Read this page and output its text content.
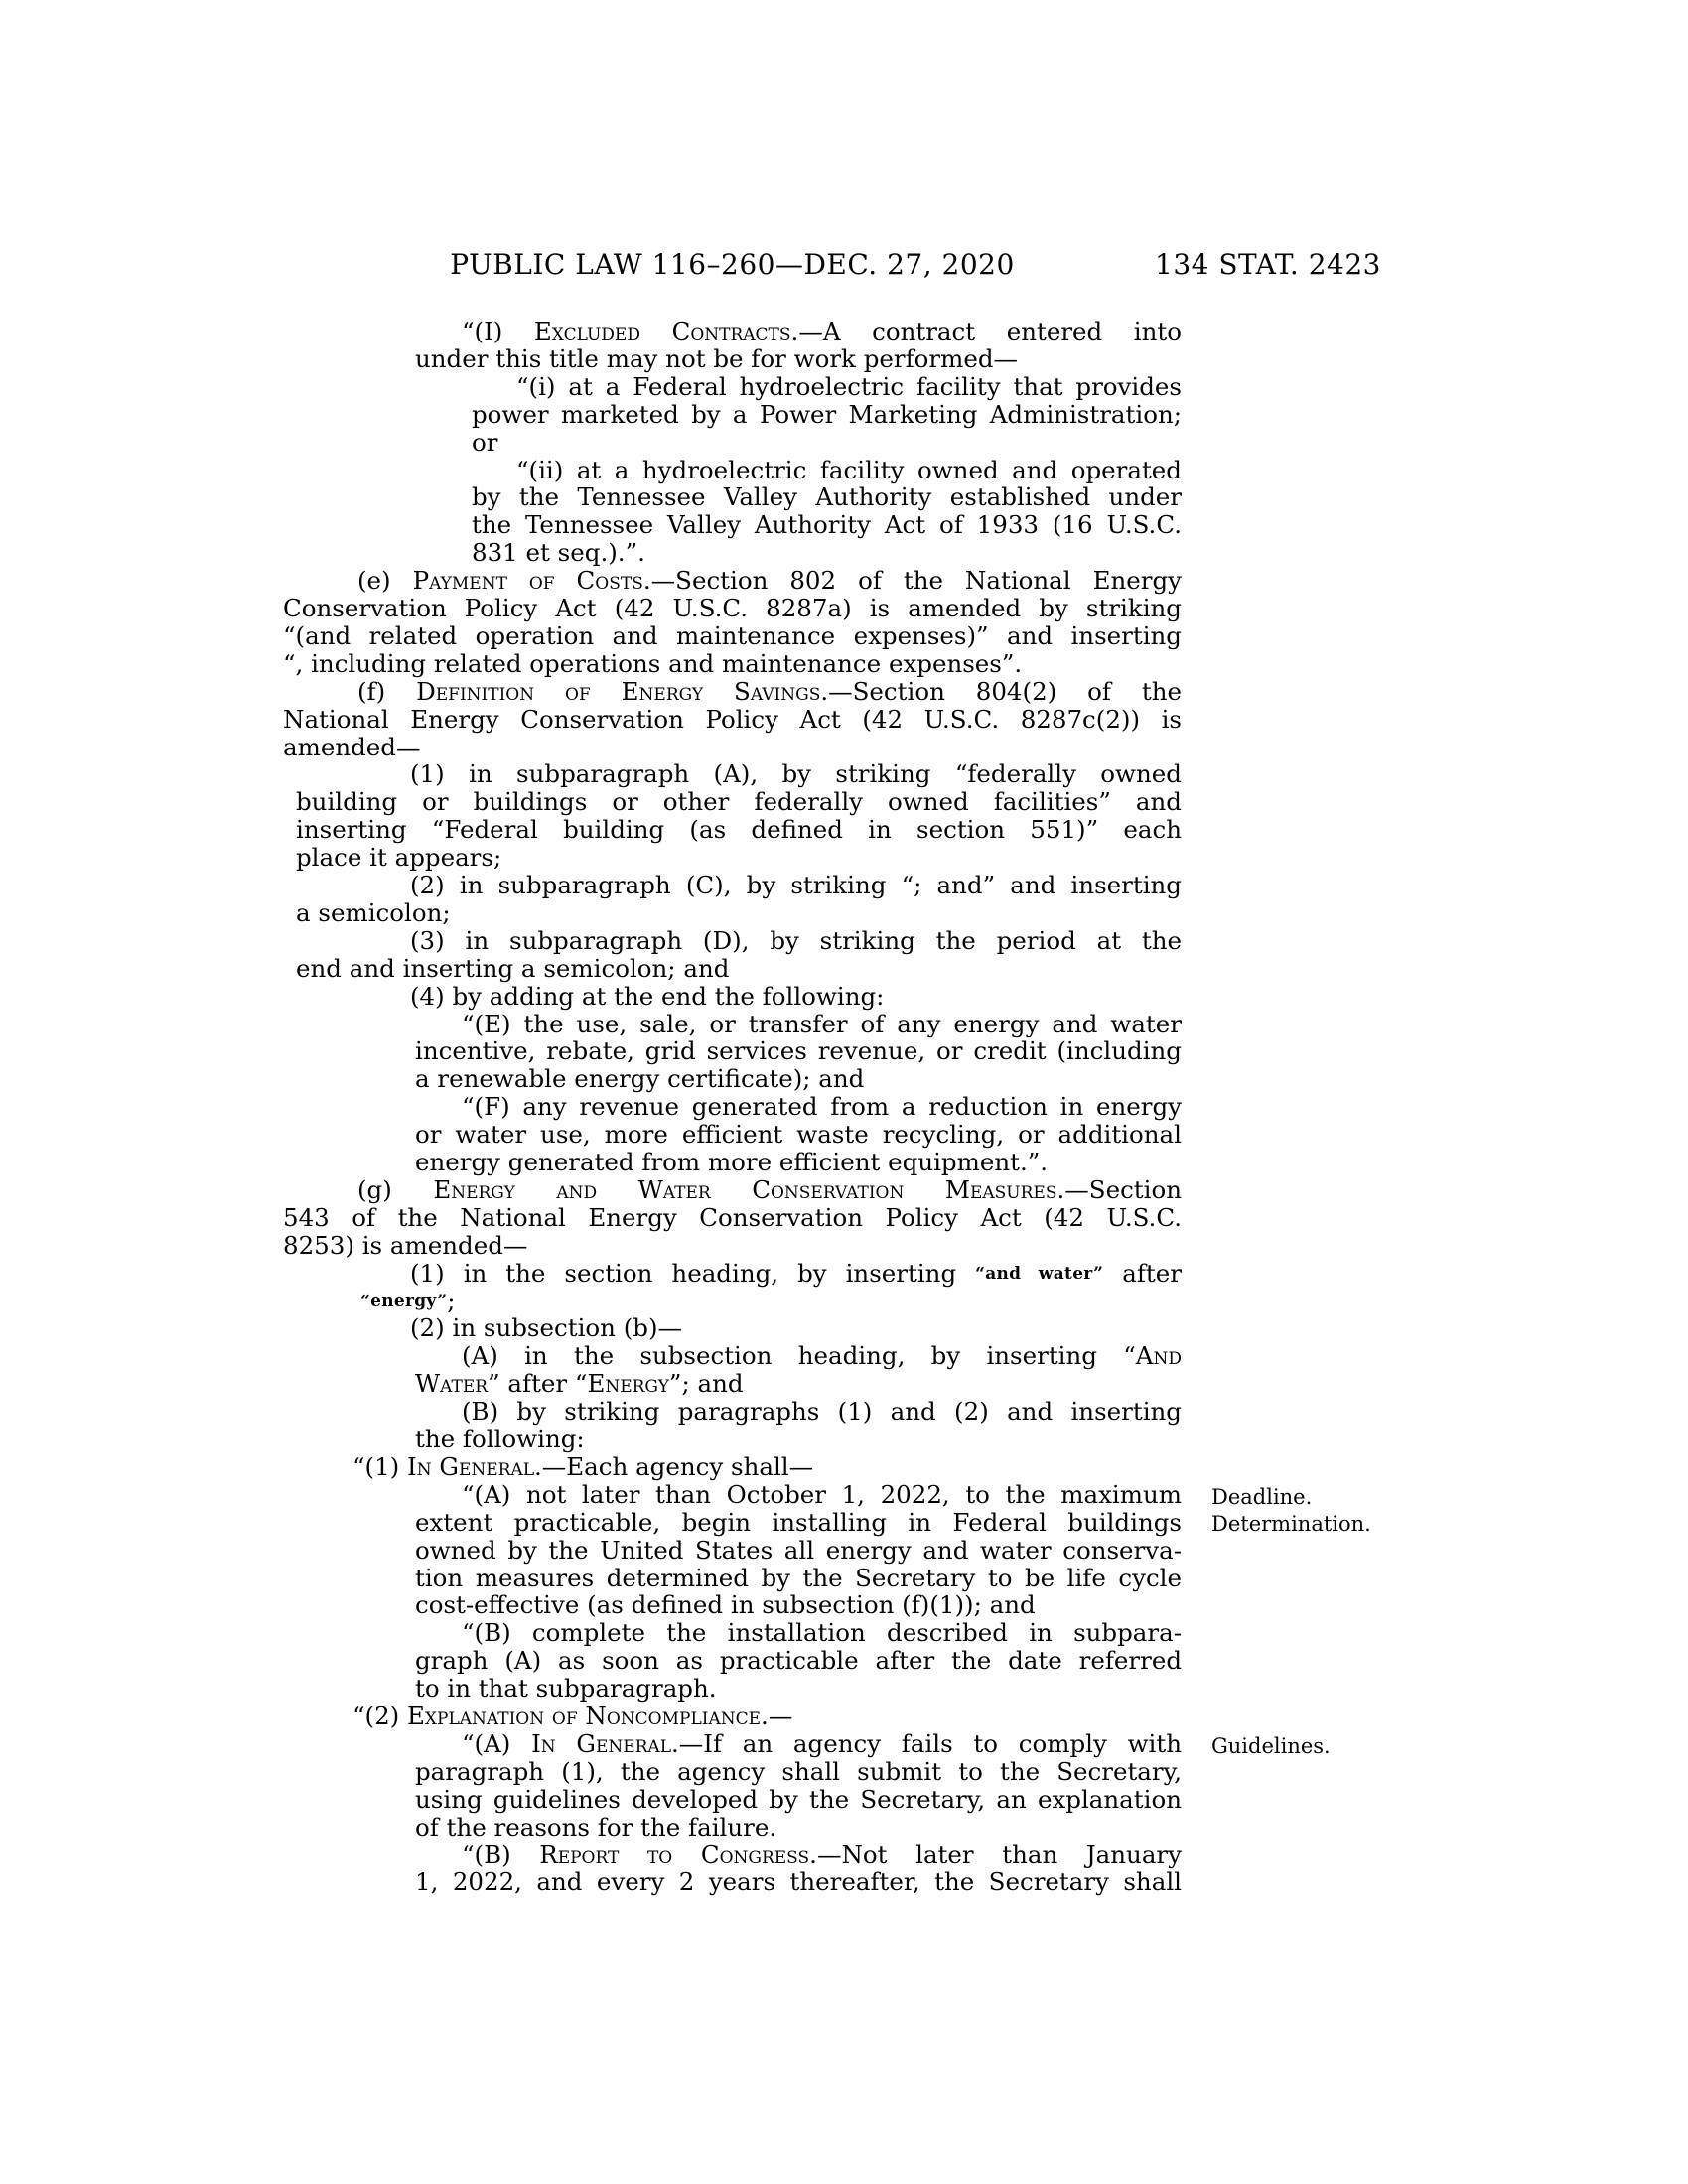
PUBLIC LAW 116–260—DEC. 27, 2020	134 STAT. 2423
“(I) Excluded Contracts.—A contract entered into
under this title may not be for work performed—
“(i) at a Federal hydroelectric facility that provides
power marketed by a Power Marketing Administration;
or
“(ii) at a hydroelectric facility owned and operated
by the Tennessee Valley Authority established under
the Tennessee Valley Authority Act of 1933 (16 U.S.C.
831 et seq.).”.
(e) Payment of Costs.—Section 802 of the National Energy
Conservation Policy Act (42 U.S.C. 8287a) is amended by striking
“(and related operation and maintenance expenses)” and inserting
“, including related operations and maintenance expenses”.
(f) Definition of Energy Savings.—Section 804(2) of the
National Energy Conservation Policy Act (42 U.S.C. 8287c(2)) is
amended—
(1) in subparagraph (A), by striking “federally owned
building or buildings or other federally owned facilities” and
inserting “Federal building (as defined in section 551)” each
place it appears;
(2) in subparagraph (C), by striking “; and” and inserting
a semicolon;
(3) in subparagraph (D), by striking the period at the
end and inserting a semicolon; and
(4) by adding at the end the following:
“(E) the use, sale, or transfer of any energy and water
incentive, rebate, grid services revenue, or credit (including
a renewable energy certificate); and
“(F) any revenue generated from a reduction in energy
or water use, more efficient waste recycling, or additional
energy generated from more efficient equipment.”.
(g) Energy and Water Conservation Measures.—Section
543 of the National Energy Conservation Policy Act (42 U.S.C.
8253) is amended—
(1) in the section heading, by inserting “and water” after
“energy”;
(2) in subsection (b)—
(A) in the subsection heading, by inserting “And
Water” after “Energy”; and
(B) by striking paragraphs (1) and (2) and inserting
the following:
“(1) In General.—Each agency shall—
“(A) not later than October 1, 2022, to the maximum
extent practicable, begin installing in Federal buildings
owned by the United States all energy and water conserva-
tion measures determined by the Secretary to be life cycle
cost-effective (as defined in subsection (f)(1)); and
“(B) complete the installation described in subpara-
graph (A) as soon as practicable after the date referred
to in that subparagraph.
“(2) Explanation of Noncompliance.—
“(A) In General.—If an agency fails to comply with
paragraph (1), the agency shall submit to the Secretary,
using guidelines developed by the Secretary, an explanation
of the reasons for the failure.
“(B) Report to Congress.—Not later than January
1, 2022, and every 2 years thereafter, the Secretary shall
Deadline.
Determination.
Guidelines.
